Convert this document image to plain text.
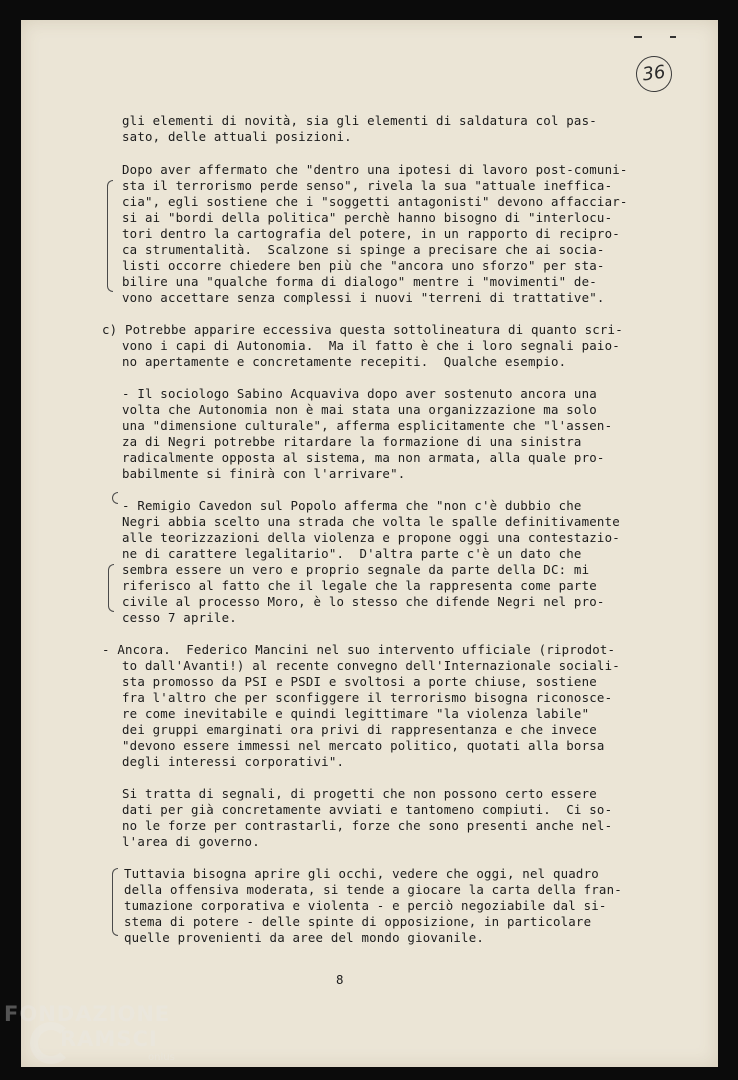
36
gli elementi di novità, sia gli elementi di saldatura col pas-
sato, delle attuali posizioni.
Dopo aver affermato che "dentro una ipotesi di lavoro post-comuni-
sta il terrorismo perde senso", rivela la sua "attuale ineffica-
cia", egli sostiene che i "soggetti antagonisti" devono affacciar-
si ai "bordi della politica" perchè hanno bisogno di "interlocu-
tori dentro la cartografia del potere, in un rapporto di recipro-
ca strumentalità.  Scalzone si spinge a precisare che ai socia-
listi occorre chiedere ben più che "ancora uno sforzo" per sta-
bilire una "qualche forma di dialogo" mentre i "movimenti" de-
vono accettare senza complessi i nuovi "terreni di trattative".
c) Potrebbe apparire eccessiva questa sottolineatura di quanto scri-
vono i capi di Autonomia.  Ma il fatto è che i loro segnali paio-
no apertamente e concretamente recepiti.  Qualche esempio.
- Il sociologo Sabino Acquaviva dopo aver sostenuto ancora una
volta che Autonomia non è mai stata una organizzazione ma solo
una "dimensione culturale", afferma esplicitamente che "l'assen-
za di Negri potrebbe ritardare la formazione di una sinistra
radicalmente opposta al sistema, ma non armata, alla quale pro-
babilmente si finirà con l'arrivare".
- Remigio Cavedon sul Popolo afferma che "non c'è dubbio che
Negri abbia scelto una strada che volta le spalle definitivamente
alle teorizzazioni della violenza e propone oggi una contestazio-
ne di carattere legalitario".  D'altra parte c'è un dato che
sembra essere un vero e proprio segnale da parte della DC: mi
riferisco al fatto che il legale che la rappresenta come parte
civile al processo Moro, è lo stesso che difende Negri nel pro-
cesso 7 aprile.
- Ancora.  Federico Mancini nel suo intervento ufficiale (riprodot-
to dall'Avanti!) al recente convegno dell'Internazionale sociali-
sta promosso da PSI e PSDI e svoltosi a porte chiuse, sostiene
fra l'altro che per sconfiggere il terrorismo bisogna riconosce-
re come inevitabile e quindi legittimare "la violenza labile"
dei gruppi emarginati ora privi di rappresentanza e che invece
"devono essere immessi nel mercato politico, quotati alla borsa
degli interessi corporativi".
Si tratta di segnali, di progetti che non possono certo essere
dati per già concretamente avviati e tantomeno compiuti.  Ci so-
no le forze per contrastarli, forze che sono presenti anche nel-
l'area di governo.
Tuttavia bisogna aprire gli occhi, vedere che oggi, nel quadro
della offensiva moderata, si tende a giocare la carta della fran-
tumazione corporativa e violenta - e perciò negoziabile dal si-
stema di potere - delle spinte di opposizione, in particolare
quelle provenienti da aree del mondo giovanile.
8
FONDAZIONE
RAMSCI
onlus
